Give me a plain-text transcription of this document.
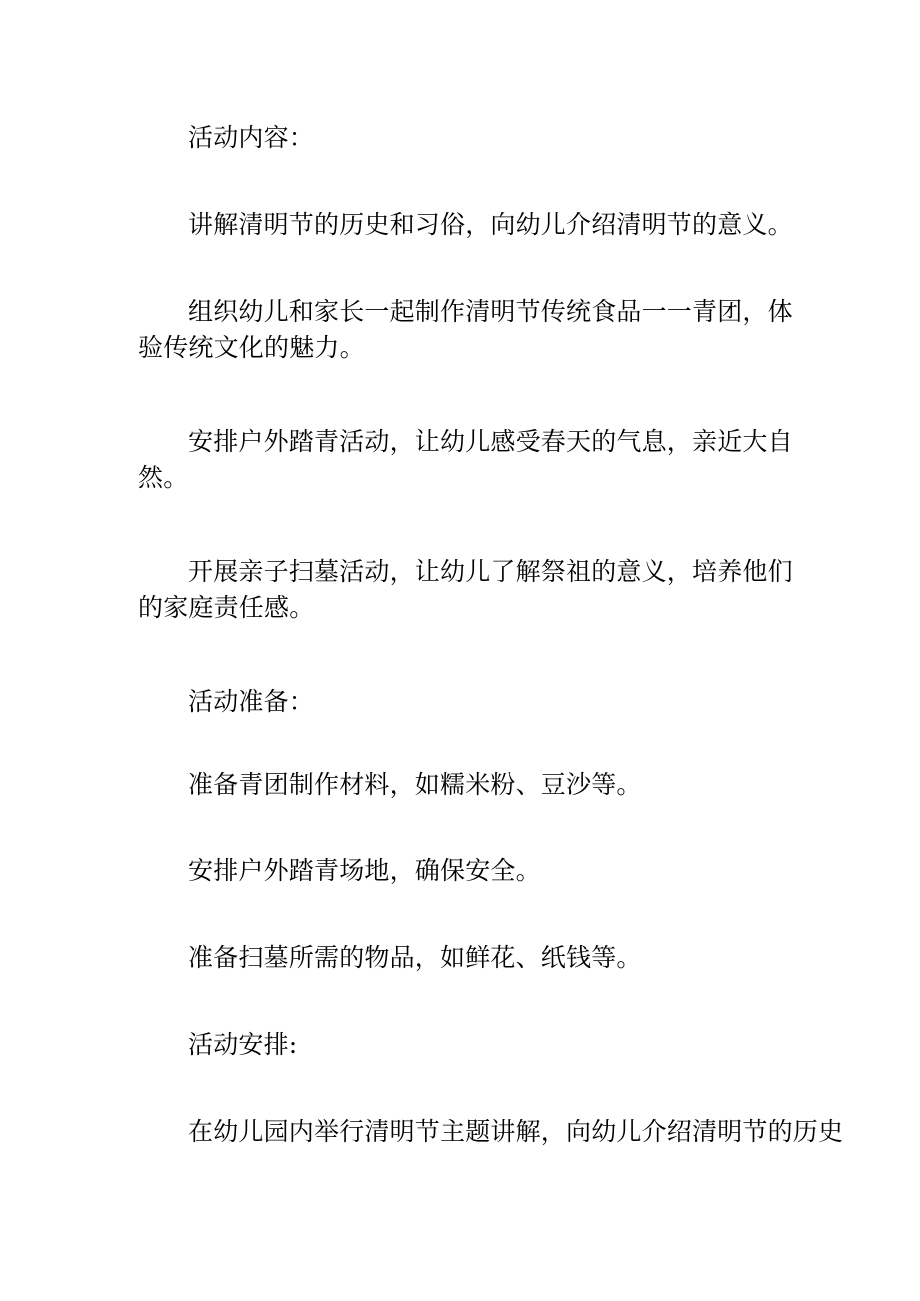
活动内容：

讲解清明节的历史和习俗，向幼儿介绍清明节的意义。

组织幼儿和家长一起制作清明节传统食品一一青团，体验传统文化的魅力。

安排户外踏青活动，让幼儿感受春天的气息，亲近大自然。

开展亲子扫墓活动，让幼儿了解祭祖的意义，培养他们的家庭责任感。

活动准备：

准备青团制作材料，如糯米粉、豆沙等。

安排户外踏青场地，确保安全。

准备扫墓所需的物品，如鲜花、纸钱等。

活动安排:

在幼儿园内举行清明节主题讲解，向幼儿介绍清明节的历史
